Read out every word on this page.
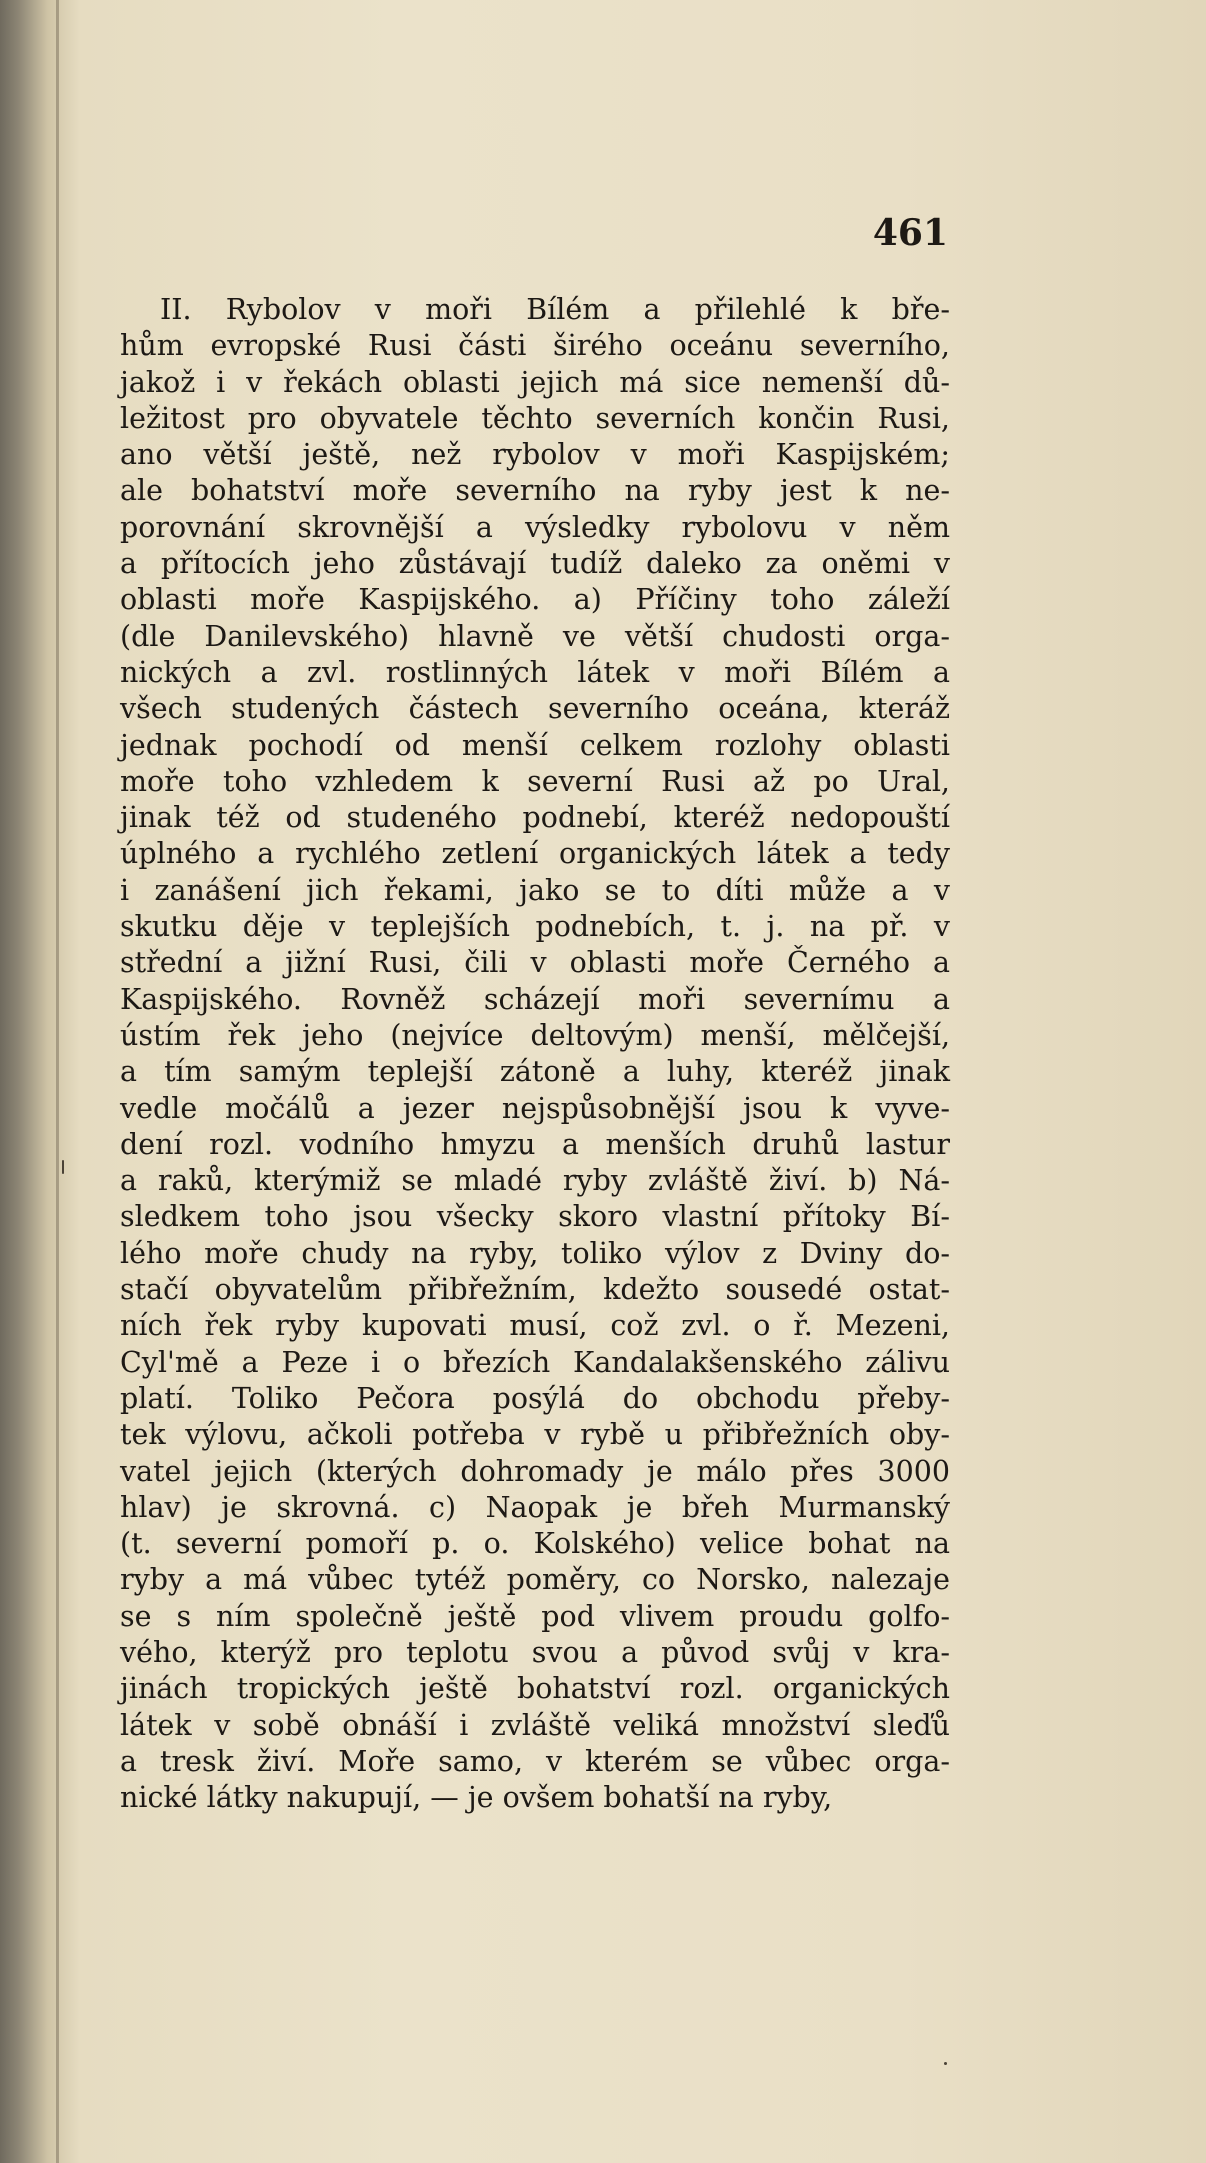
461
II. Rybolov v moři Bílém a přilehlé k bře-
hům evropské Rusi části širého oceánu severního,
jakož i v řekách oblasti jejich má sice nemenší dů-
ležitost pro obyvatele těchto severních končin Rusi,
ano větší ještě, než rybolov v moři Kaspijském;
ale bohatství moře severního na ryby jest k ne-
porovnání skrovnější a výsledky rybolovu v něm
a přítocích jeho zůstávají tudíž daleko za oněmi v
oblasti moře Kaspijského. a) Příčiny toho záleží
(dle Danilevského) hlavně ve větší chudosti orga-
nických a zvl. rostlinných látek v moři Bílém a
všech studených částech severního oceána, kteráž
jednak pochodí od menší celkem rozlohy oblasti
moře toho vzhledem k severní Rusi až po Ural,
jinak též od studeného podnebí, kteréž nedopouští
úplného a rychlého zetlení organických látek a tedy
i zanášení jich řekami, jako se to díti může a v
skutku děje v teplejších podnebích, t. j. na př. v
střední a jižní Rusi, čili v oblasti moře Černého a
Kaspijského. Rovněž scházejí moři severnímu a
ústím řek jeho (nejvíce deltovým) menší, mělčejší,
a tím samým teplejší zátoně a luhy, kteréž jinak
vedle močálů a jezer nejspůsobnější jsou k vyve-
dení rozl. vodního hmyzu a menších druhů lastur
a raků, kterýmiž se mladé ryby zvláště živí. b) Ná-
sledkem toho jsou všecky skoro vlastní přítoky Bí-
lého moře chudy na ryby, toliko výlov z Dviny do-
stačí obyvatelům přibřežním, kdežto sousedé ostat-
ních řek ryby kupovati musí, což zvl. o ř. Mezeni,
Cyl'mě a Peze i o březích Kandalakšenského zálivu
platí. Toliko Pečora posýlá do obchodu přeby-
tek výlovu, ačkoli potřeba v rybě u přibřežních oby-
vatel jejich (kterých dohromady je málo přes 3000
hlav) je skrovná. c) Naopak je břeh Murmanský
(t. severní pomoří p. o. Kolského) velice bohat na
ryby a má vůbec tytéž poměry, co Norsko, nalezaje
se s ním společně ještě pod vlivem proudu golfo-
vého, kterýž pro teplotu svou a původ svůj v kra-
jinách tropických ještě bohatství rozl. organických
látek v sobě obnáší i zvláště veliká množství sleďů
a tresk živí. Moře samo, v kterém se vůbec orga-
nické látky nakupují, — je ovšem bohatší na ryby,
